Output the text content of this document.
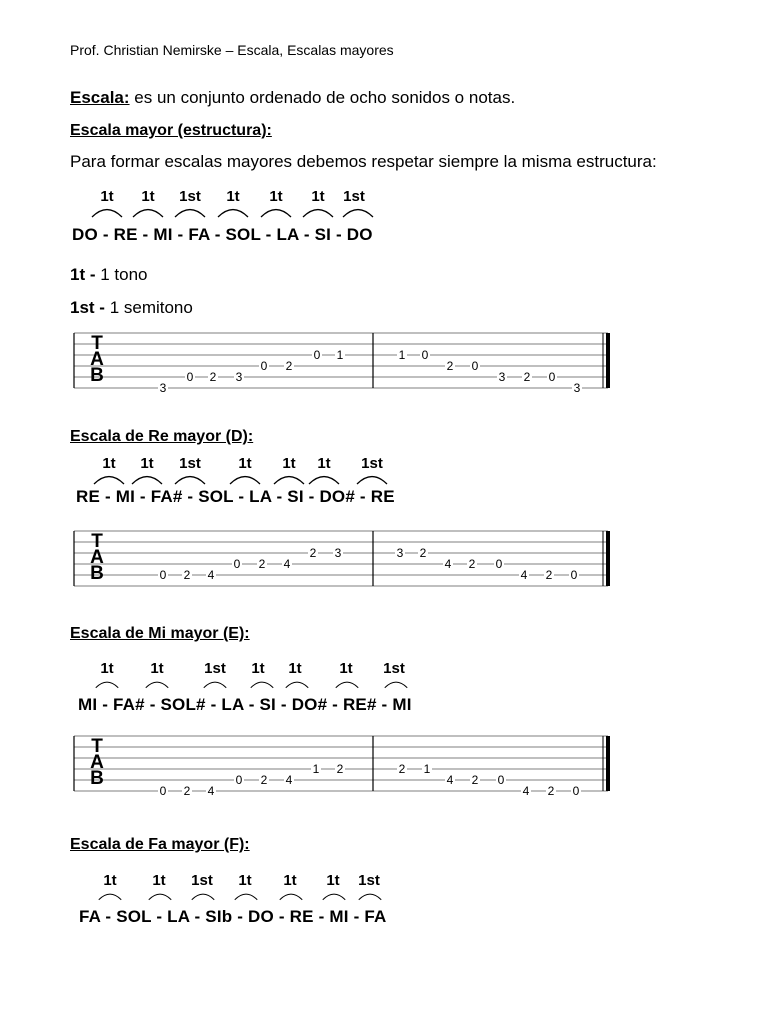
Prof. Christian Nemirske – Escala, Escalas mayores
Escala: es un conjunto ordenado de ocho sonidos o notas.
Escala mayor (estructura):
Para formar escalas mayores debemos respetar siempre la misma estructura:
1t 1t 1st 1t 1t 1t 1st
DO - RE - MI - FA - SOL - LA - SI - DO
1t - 1 tono
1st - 1 semitono
T
A
B
3
0 2 3
0 2
0 1	1 0
2 0
3 2 0
3
T
A
B	0 2 4
0 2 4
2 3	3 2
4 2 0
4 2 0
T
A
B
0 2 4
0 2 4
1 2	2 1
4 2 0
4 2 0
Escala de Re mayor (D):
1t 1t 1st 1t 1t 1t 1st
RE - MI - FA# - SOL - LA - SI - DO# - RE
Escala de Mi mayor (E):
1t 1t	1st 1t 1t	1t 1st
MI - FA# - SOL# - LA - SI - DO# - RE# - MI
Escala de Fa mayor (F):
1t 1t 1st 1t 1t 1t 1st
FA - SOL - LA - SIb - DO - RE - MI - FA
